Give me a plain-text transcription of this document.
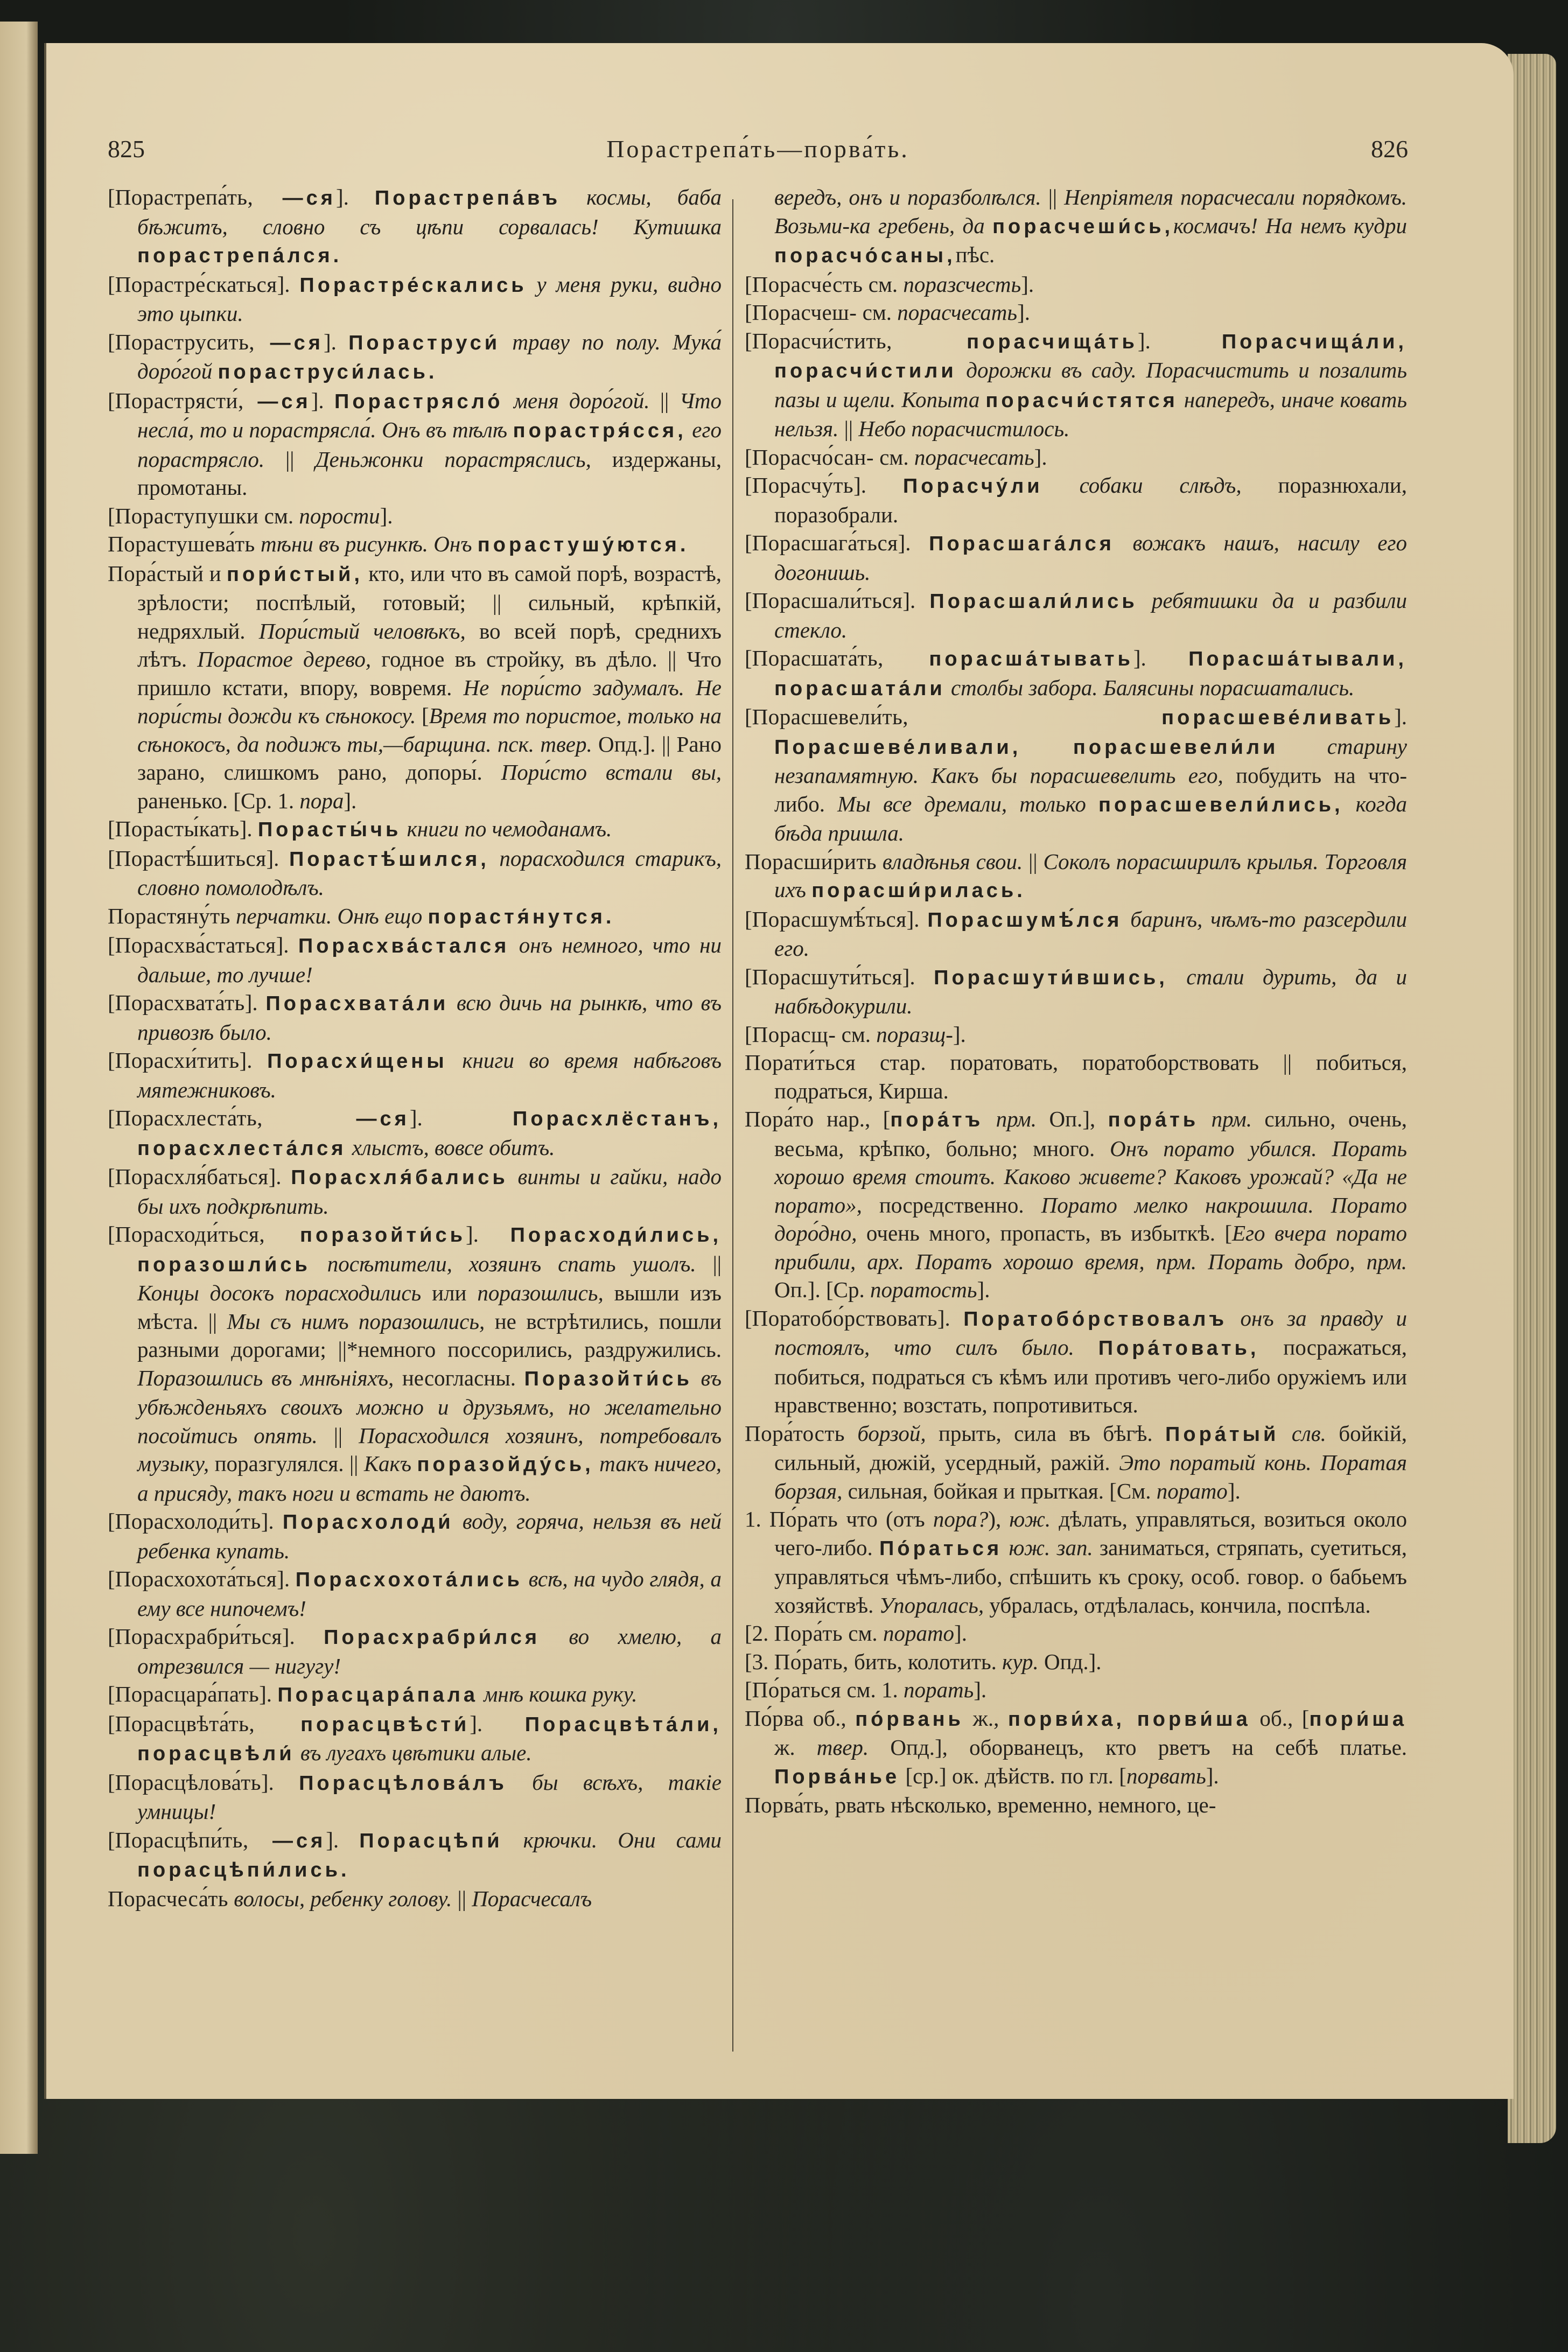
825	Порастрепа́ть—порва́ть.	826

[Порастрепа́ть, —ся]. Порастрепа́въ космы, баба бѣжитъ, словно съ цѣпи сорвалась! Кутишка порастрепа́лся.

[Порастре́скаться]. Порастре́скались у меня руки, видно это цыпки.

[Пораструсить, —ся]. Пораструси́ траву по полу. Мука́ доро́гой пораструси́лась.

[Порастрясти́, —ся]. Порастрясло́ меня доро́гой. || Что несла́, то и порастрясла́. Онъ въ тѣлѣ порастря́сся, его порастрясло. || Деньжонки порастряслись, издержаны, промотаны.

[Пораступушки см. порости].

Порастушева́ть тѣни въ рисункѣ. Онъ порастушу́ются.

Пора́стый и пори́стый, кто, или что въ самой порѣ, возрастѣ, зрѣлости; поспѣлый, готовый; || сильный, крѣпкій, недряхлый. Пори́стый человѣкъ, во всей порѣ, среднихъ лѣтъ. Порастое дерево, годное въ стройку, въ дѣло. || Что пришло кстати, впору, вовремя. Не пори́сто задумалъ. Не пори́сты дожди къ сѣнокосу. [Время то пористое, только на сѣнокосъ, да подижъ ты,—барщина. пск. твер. Опд.]. || Рано зарано, слишкомъ рано, допоры́. Пори́сто встали вы, раненько. [Ср. 1. пора].

[Порасты́кать]. Порасты́чь книги по чемоданамъ.

[Порастѣ́шиться]. Порастѣ́шился, порасходился старикъ, словно помолодѣлъ.

Порастяну́ть перчатки. Онѣ ещо порастя́нутся.

[Порасхва́статься]. Порасхва́стался онъ немного, что ни дальше, то лучше!

[Порасхвата́ть]. Порасхвата́ли всю дичь на рынкѣ, что въ привозѣ было.

[Порасхи́тить]. Порасхи́щены книги во время набѣговъ мятежниковъ.

[Порасхлеста́ть, —ся]. Порасхлёстанъ, порасхлеста́лся хлыстъ, вовсе обитъ.

[Порасхля́баться]. Порасхля́бались винты и гайки, надо бы ихъ подкрѣпить.

[Порасходи́ться, поразойти́сь]. Порасходи́лись, поразошли́сь посѣтители, хозяинъ спать ушолъ. || Концы досокъ порасходились или поразошлись, вышли изъ мѣста. || Мы съ нимъ поразошлись, не встрѣтились, пошли разными дорогами; ||*немного поссорились, раздружились. Поразошлись въ мнѣніяхъ, несогласны. Поразойти́сь въ убѣжденьяхъ своихъ можно и друзьямъ, но желательно посойтись опять. || Порасходился хозяинъ, потребовалъ музыку, поразгулялся. || Какъ поразойду́сь, такъ ничего, а присяду, такъ ноги и встать не даютъ.

[Порасхолоди́ть]. Порасхолоди́ воду, горяча, нельзя въ ней ребенка купать.

[Порасхохота́ться]. Порасхохота́лись всѣ, на чудо глядя, а ему все нипочемъ!

[Порасхрабри́ться]. Порасхрабри́лся во хмелю, а отрезвился — нигугу!

[Порасцара́пать]. Порасцара́пала мнѣ кошка руку.

[Порасцвѣта́ть, порасцвѣсти́]. Порасцвѣта́ли, порасцвѣли́ въ лугахъ цвѣтики алые.

[Порасцѣлова́ть]. Порасцѣлова́лъ бы всѣхъ, такіе умницы!

[Порасцѣпи́ть, —ся]. Порасцѣпи́ крючки. Они сами порасцѣпи́лись.

Порасчеса́ть волосы, ребенку голову. || Порасчесалъ

вередъ, онъ и поразболѣлся. || Непріятеля порасчесали порядкомъ. Возьми-ка гребень, да порасчеши́сь,космачъ! На немъ кудри порасчо́саны,пѣс.

[Порасче́сть см. поразсчесть].

[Порасчеш- см. порасчесать].

[Порасчи́стить, порасчища́ть]. Порасчища́ли, порасчи́стили дорожки въ саду. Порасчистить и позалить пазы и щели. Копыта порасчи́стятся напередъ, иначе ковать нельзя. || Небо порасчистилось.

[Порасчо́сан- см. порасчесать].

[Порасчу́ть]. Порасчу́ли собаки слѣдъ, поразнюхали, поразобрали.

[Порасшага́ться]. Порасшага́лся вожакъ нашъ, насилу его догонишь.

[Порасшали́ться]. Порасшали́лись ребятишки да и разбили стекло.

[Порасшата́ть, порасша́тывать]. Порасша́тывали, порасшата́ли столбы забора. Балясины порасшатались.

[Порасшевели́ть, порасшеве́ливать]. Порасшеве́ливали, порасшевели́ли старину незапамятную. Какъ бы порасшевелить его, побудить на что-либо. Мы все дремали, только порасшевели́лись, когда бѣда пришла.

Порасши́рить владѣнья свои. || Соколъ порасширилъ крылья. Торговля ихъ порасши́рилась.

[Порасшумѣ́ться]. Порасшумѣ́лся баринъ, чѣмъ-то разсердили его.

[Порасшути́ться]. Порасшути́вшись, стали дурить, да и набѣдокурили.

[Порасщ- см. поразщ-].

Порати́ться стар. поратовать, поратоборствовать || побиться, подраться, Кирша.

Пора́то нар., [пора́тъ прм. Оп.], пора́ть прм. сильно, очень, весьма, крѣпко, больно; много. Онъ порато убился. Порать хорошо время стоитъ. Каково живете? Каковъ урожай? «Да не порато», посредственно. Порато мелко накрошила. Порато доро́дно, очень много, пропасть, въ избыткѣ. [Его вчера порато прибили, арх. Поратъ хорошо время, прм. Порать добро, прм. Оп.]. [Ср. поратость].

[Поратобо́рствовать]. Поратобо́рствовалъ онъ за правду и постоялъ, что силъ было. Пора́товать, посражаться, побиться, подраться съ кѣмъ или противъ чего-либо оружіемъ или нравственно; возстать, попротивиться.

Пора́тость борзой, прыть, сила въ бѣгѣ. Пора́тый слв. бойкій, сильный, дюжій, усердный, ражій. Это поратый конь. Поратая борзая, сильная, бойкая и прыткая. [См. порато].

1. По́рать что (отъ пора?), юж. дѣлать, управляться, возиться около чего-либо. По́раться юж. зап. заниматься, стряпать, суетиться, управляться чѣмъ-либо, спѣшить къ сроку, особ. говор. о бабьемъ хозяйствѣ. Упоралась, убралась, отдѣлалась, кончила, поспѣла.

[2. Пора́ть см. порато].

[3. По́рать, бить, колотить. кур. Опд.].

[По́раться см. 1. порать].

По́рва об., по́рвань ж., порви́ха, порви́ша об., [пори́ша ж. твер. Опд.], оборванецъ, кто рветъ на себѣ платье. Порва́нье [ср.] ок. дѣйств. по гл. [порвать].

Порва́ть, рвать нѣсколько, временно, немного, це-
